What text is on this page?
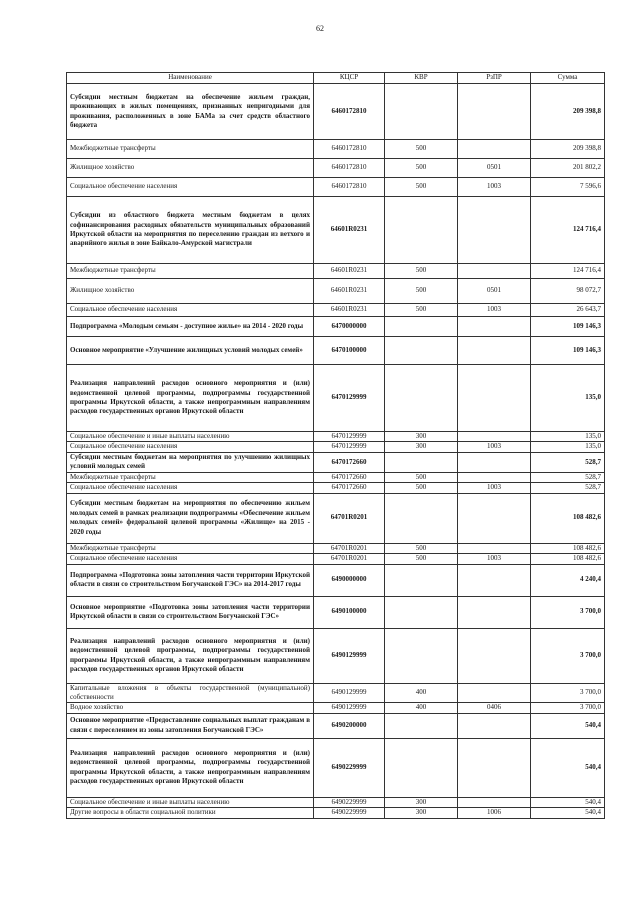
62
Наименование	КЦСР	КВР	РзПР	Сумма
Субсидии местным бюджетам на обеспечение жильем граждан, проживающих в жилых помещениях, признанных непригодными для проживания, расположенных в зоне БАМа за счет средств областного бюджета	6460172810			209 398,8
Межбюджетные трансферты	6460172810	500		209 398,8
Жилищное хозяйство	6460172810	500	0501	201 802,2
Социальное обеспечение населения	6460172810	500	1003	7 596,6
Субсидии из областного бюджета местным бюджетам в целях софинансирования расходных обязательств муниципальных образований Иркутской области на мероприятия по переселению граждан из ветхого и аварийного жилья в зоне Байкало-Амурской магистрали	64601R0231			124 716,4
Межбюджетные трансферты	64601R0231	500		124 716,4
Жилищное хозяйство	64601R0231	500	0501	98 072,7
Социальное обеспечение населения	64601R0231	500	1003	26 643,7
Подпрограмма «Молодым семьям - доступное жилье» на 2014 - 2020 годы	6470000000			109 146,3
Основное мероприятие «Улучшение жилищных условий молодых семей»	6470100000			109 146,3
Реализация направлений расходов основного мероприятия и (или) ведомственной целевой программы, подпрограммы государственной программы Иркутской области, а также непрограммным направлениям расходов государственных органов Иркутской области	6470129999			135,0
Социальное обеспечение и иные выплаты населению	6470129999	300		135,0
Социальное обеспечение населения	6470129999	300	1003	135,0
Субсидии местным бюджетам на мероприятия по улучшению жилищных условий молодых семей	6470172660			528,7
Межбюджетные трансферты	6470172660	500		528,7
Социальное обеспечение населения	6470172660	500	1003	528,7
Субсидии местным бюджетам на мероприятия по обеспечению жильем молодых семей в рамках реализации подпрограммы «Обеспечение жильем молодых семей» федеральной целевой программы «Жилище» на 2015 - 2020 годы	64701R0201			108 482,6
Межбюджетные трансферты	64701R0201	500		108 482,6
Социальное обеспечение населения	64701R0201	500	1003	108 482,6
Подпрограмма «Подготовка зоны затопления части территории Иркутской области в связи со строительством Богучанской ГЭС» на 2014-2017 годы	6490000000			4 240,4
Основное мероприятие «Подготовка зоны затопления части территории Иркутской области в связи со строительством Богучанской ГЭС»	6490100000			3 700,0
Реализация направлений расходов основного мероприятия и (или) ведомственной целевой программы, подпрограммы государственной программы Иркутской области, а также непрограммным направлениям расходов государственных органов Иркутской области	6490129999			3 700,0
Капитальные вложения в объекты государственной (муниципальной) собственности	6490129999	400		3 700,0
Водное хозяйство	6490129999	400	0406	3 700,0
Основное мероприятие «Предоставление социальных выплат гражданам в связи с переселением из зоны затопления Богучанской ГЭС»	6490200000			540,4
Реализация направлений расходов основного мероприятия и (или) ведомственной целевой программы, подпрограммы государственной программы Иркутской области, а также непрограммным направлениям расходов государственных органов Иркутской области	6490229999			540,4
Социальное обеспечение и иные выплаты населению	6490229999	300		540,4
Другие вопросы в области социальной политики	6490229999	300	1006	540,4
